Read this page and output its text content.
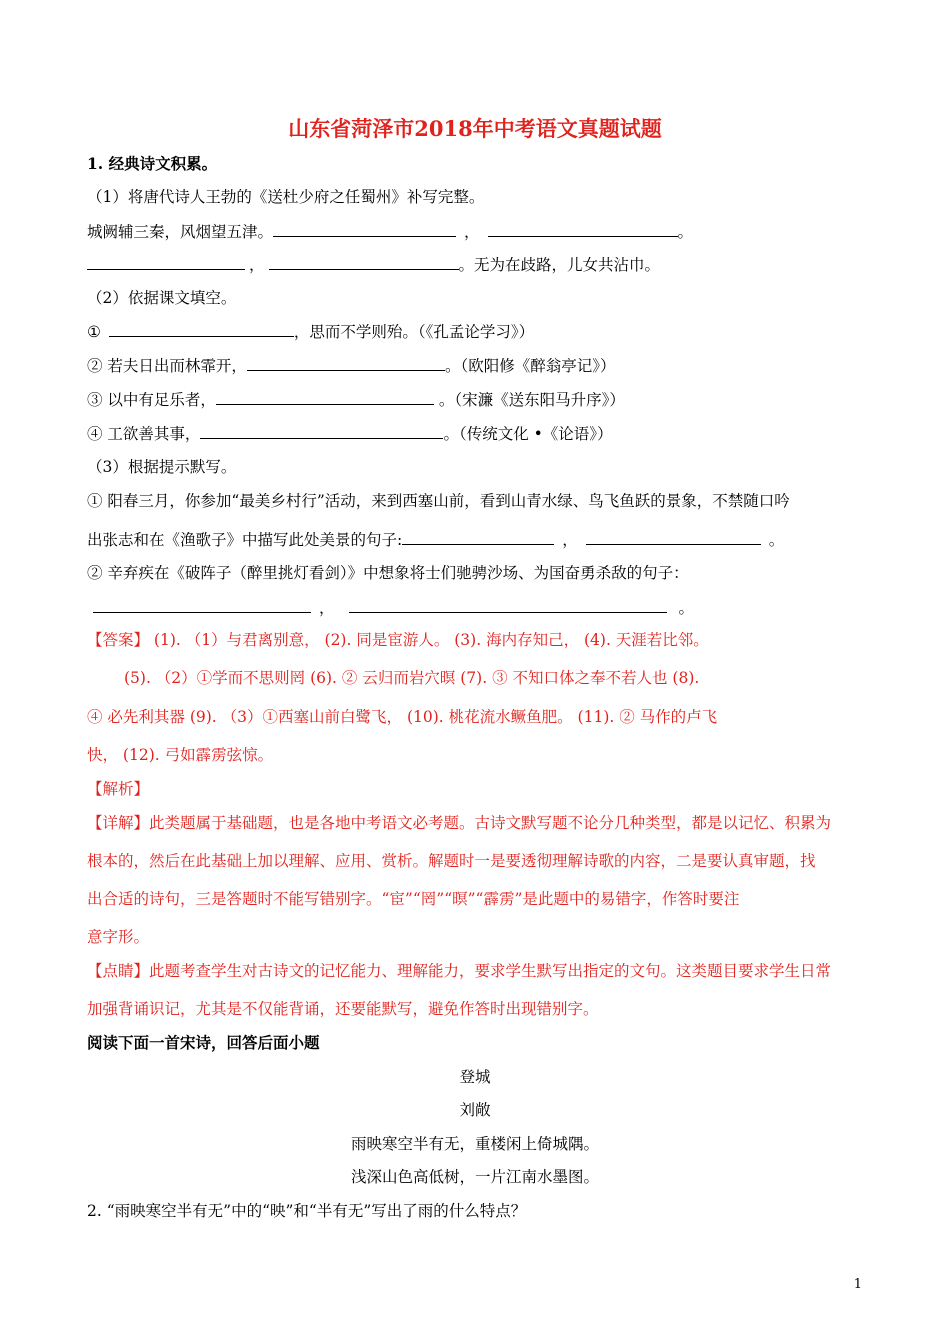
山东省菏泽市2018年中考语文真题试题
1. 经典诗文积累。
（1）将唐代诗人王勃的《送杜少府之任蜀州》补写完整。
城阙辅三秦，风烟望五津。	，	。
，	。无为在歧路，儿女共沾巾。
（2）依据课文填空。
①	，思而不学则殆。（《孔孟论学习》）
② 若夫日出而林霏开，	。（欧阳修《醉翁亭记》）
③ 以中有足乐者，	。（宋濂《送东阳马升序》）
④ 工欲善其事，	。（传统文化 •《论语》）
（3）根据提示默写。
① 阳春三月，你参加“最美乡村行”活动，来到西塞山前，看到山青水绿、鸟飞鱼跃的景象，不禁随口吟
出张志和在《渔歌子》中描写此处美景的句子:	，	。
② 辛弃疾在《破阵子（醉里挑灯看剑）》中想象将士们驰骋沙场、为国奋勇杀敌的句子：
，	。
【答案】 (1). （1）与君离别意， (2). 同是宦游人。 (3). 海内存知己， (4). 天涯若比邻。
(5). （2）①学而不思则罔 (6). ② 云归而岩穴暝 (7). ③ 不知口体之奉不若人也 (8).
④ 必先利其器 (9). （3）①西塞山前白鹭飞， (10). 桃花流水鳜鱼肥。 (11). ② 马作的卢飞
快， (12). 弓如霹雳弦惊。
【解析】
【详解】此类题属于基础题，也是各地中考语文必考题。古诗文默写题不论分几种类型，都是以记忆、积累为
根本的，然后在此基础上加以理解、应用、赏析。解题时一是要透彻理解诗歌的内容，二是要认真审题，找
出合适的诗句，三是答题时不能写错别字。“宦”“罔”“暝”“霹雳”是此题中的易错字，作答时要注
意字形。
【点睛】此题考查学生对古诗文的记忆能力、理解能力，要求学生默写出指定的文句。这类题目要求学生日常
加强背诵识记，尤其是不仅能背诵，还要能默写，避免作答时出现错别字。
阅读下面一首宋诗，回答后面小题
登城
刘敞
雨映寒空半有无，重楼闲上倚城隅。
浅深山色高低树，一片江南水墨图。
2. “雨映寒空半有无”中的“映”和“半有无”写出了雨的什么特点？
1
